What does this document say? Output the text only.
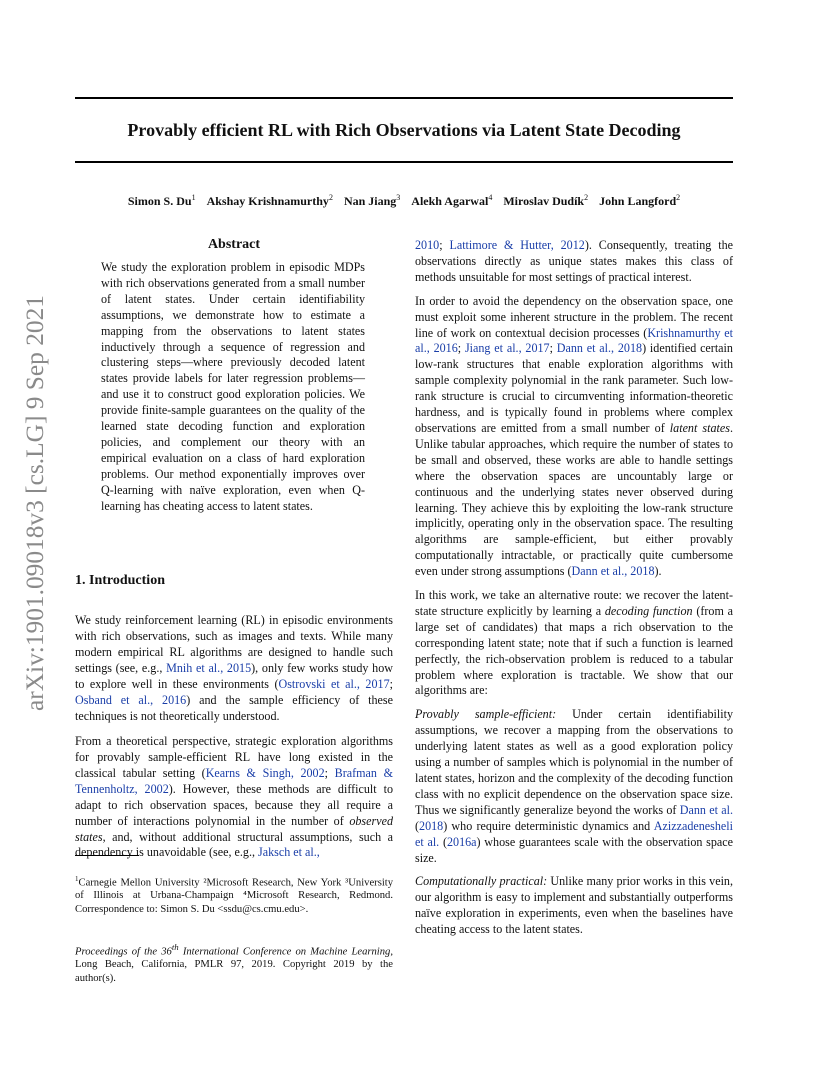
Provably efficient RL with Rich Observations via Latent State Decoding
Simon S. Du$^1$ Akshay Krishnamurthy$^2$ Nan Jiang$^3$ Alekh Agarwal$^4$ Miroslav Dudík$^2$ John Langford$^2$
arXiv:1901.09018v3 [cs.LG] 9 Sep 2021
Abstract

We study the exploration problem in episodic MDPs with rich observations generated from a small number of latent states. Under certain identifiability assumptions, we demonstrate how to estimate a mapping from the observations to latent states inductively through a sequence of regression and clustering steps—where previously decoded latent states provide labels for later regression problems—and use it to construct good exploration policies. We provide finite-sample guarantees on the quality of the learned state decoding function and exploration policies, and complement our theory with an empirical evaluation on a class of hard exploration problems. Our method exponentially improves over Q-learning with naïve exploration, even when Q-learning has cheating access to latent states.

1. Introduction

We study reinforcement learning (RL) in episodic environments with rich observations, such as images and texts. While many modern empirical RL algorithms are designed to handle such settings (see, e.g., Mnih et al., 2015), only few works study how to explore well in these environments (Ostrovski et al., 2017; Osband et al., 2016) and the sample efficiency of these techniques is not theoretically understood.

From a theoretical perspective, strategic exploration algorithms for provably sample-efficient RL have long existed in the classical tabular setting (Kearns & Singh, 2002; Brafman & Tennenholtz, 2002). However, these methods are difficult to adapt to rich observation spaces, because they all require a number of interactions polynomial in the number of observed states, and, without additional structural assumptions, such a dependency is unavoidable (see, e.g., Jaksch et al.,

$^1$Carnegie Mellon University ²Microsoft Research, New York ³University of Illinois at Urbana-Champaign ⁴Microsoft Research, Redmond. Correspondence to: Simon S. Du <ssdu@cs.cmu.edu>.

Proceedings of the 36th International Conference on Machine Learning, Long Beach, California, PMLR 97, 2019. Copyright 2019 by the author(s).

2010; Lattimore & Hutter, 2012). Consequently, treating the observations directly as unique states makes this class of methods unsuitable for most settings of practical interest.

In order to avoid the dependency on the observation space, one must exploit some inherent structure in the problem. The recent line of work on contextual decision processes (Krishnamurthy et al., 2016; Jiang et al., 2017; Dann et al., 2018) identified certain low-rank structures that enable exploration algorithms with sample complexity polynomial in the rank parameter. Such low-rank structure is crucial to circumventing information-theoretic hardness, and is typically found in problems where complex observations are emitted from a small number of latent states. Unlike tabular approaches, which require the number of states to be small and observed, these works are able to handle settings where the observation spaces are uncountably large or continuous and the underlying states never observed during learning. They achieve this by exploiting the low-rank structure implicitly, operating only in the observation space. The resulting algorithms are sample-efficient, but either provably computationally intractable, or practically quite cumbersome even under strong assumptions (Dann et al., 2018).

In this work, we take an alternative route: we recover the latent-state structure explicitly by learning a decoding function (from a large set of candidates) that maps a rich observation to the corresponding latent state; note that if such a function is learned perfectly, the rich-observation problem is reduced to a tabular problem where exploration is tractable. We show that our algorithms are:

Provably sample-efficient: Under certain identifiability assumptions, we recover a mapping from the observations to underlying latent states as well as a good exploration policy using a number of samples which is polynomial in the number of latent states, horizon and the complexity of the decoding function class with no explicit dependence on the observation space size. Thus we significantly generalize beyond the works of Dann et al. (2018) who require deterministic dynamics and Azizzadenesheli et al. (2016a) whose guarantees scale with the observation space size.

Computationally practical: Unlike many prior works in this vein, our algorithm is easy to implement and substantially outperforms naïve exploration in experiments, even when the baselines have cheating access to the latent states.
